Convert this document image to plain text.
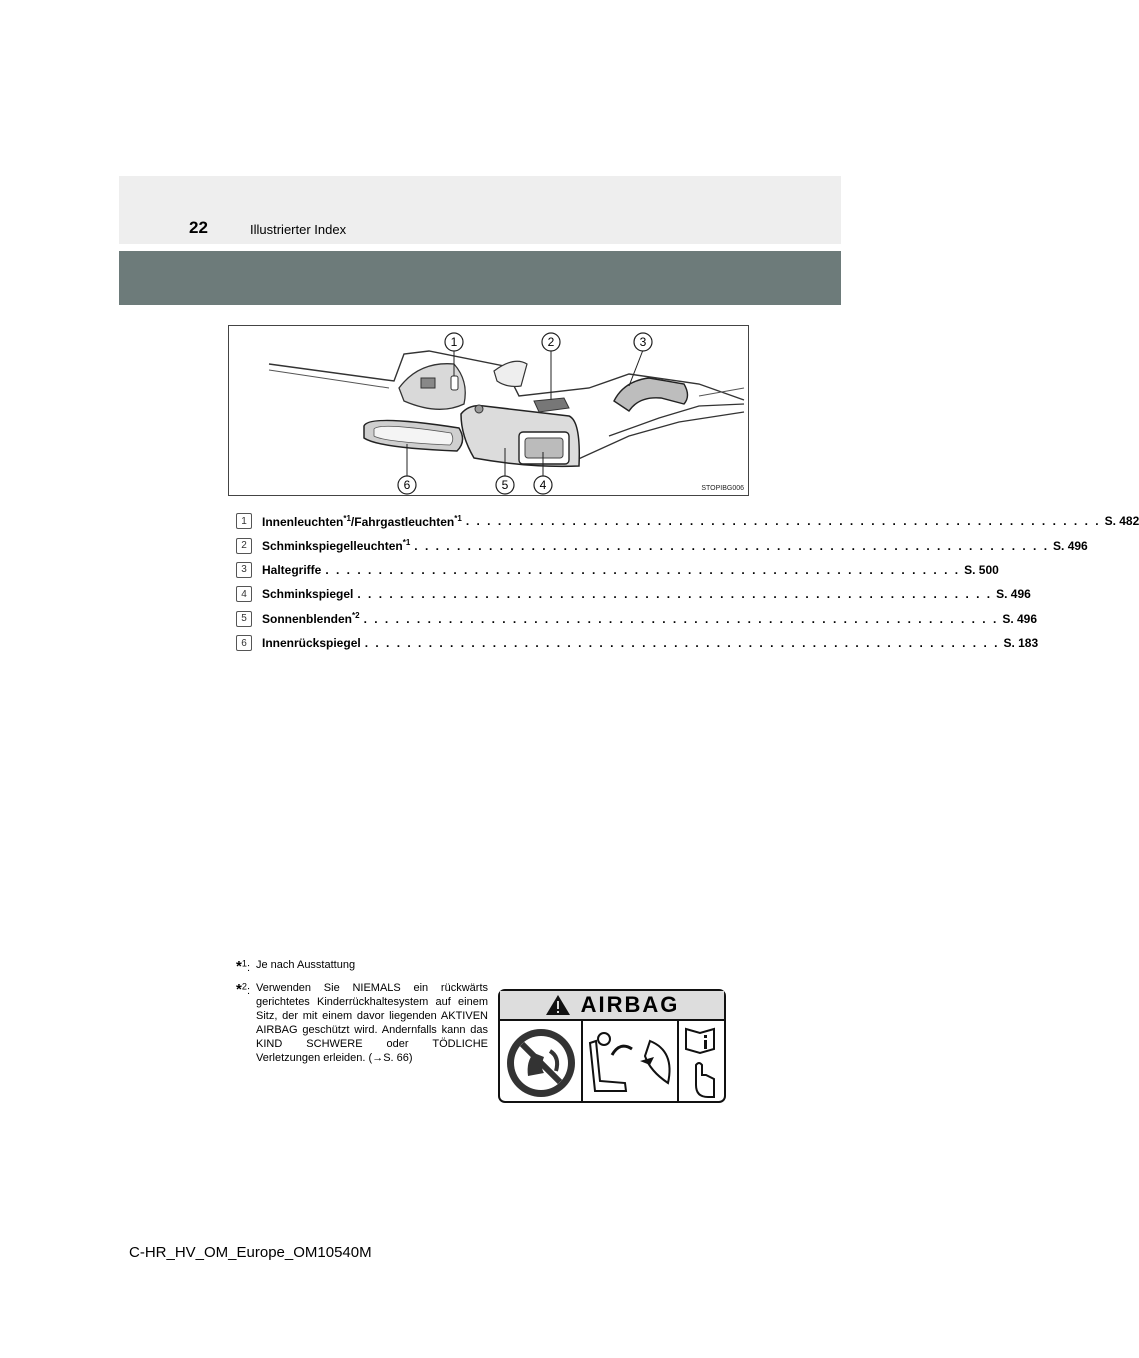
22	Illustrierter Index
1	2	3
4
5
6	STOPIBG006
1	Innenleuchten$^{*1}$/Fahrgastleuchten$^{*1}$ . . . . . . . . . . . . . . . . . . . . . . . . . . . . . . . . . . . . . . . . . . . . . . . . . . . . . . . . . . . . S. 482
2	Schminkspiegelleuchten$^{*1}$ . . . . . . . . . . . . . . . . . . . . . . . . . . . . . . . . . . . . . . . . . . . . . . . . . . . . . . . . . . . . S. 496
3	Haltegriffe . . . . . . . . . . . . . . . . . . . . . . . . . . . . . . . . . . . . . . . . . . . . . . . . . . . . . . . . . . . . S. 500
4	Schminkspiegel . . . . . . . . . . . . . . . . . . . . . . . . . . . . . . . . . . . . . . . . . . . . . . . . . . . . . . . . . . . . S. 496
5	Sonnenblenden$^{*2}$ . . . . . . . . . . . . . . . . . . . . . . . . . . . . . . . . . . . . . . . . . . . . . . . . . . . . . . . . . . . . S. 496
6	Innenrückspiegel . . . . . . . . . . . . . . . . . . . . . . . . . . . . . . . . . . . . . . . . . . . . . . . . . . . . . . . . . . . . S. 183
*$^1$: Je nach Ausstattung
*$^2$: Verwenden Sie NIEMALS ein rückwärts gerichtetes Kinderrückhaltesystem auf einem Sitz, der mit einem davor liegenden AKTIVEN AIRBAG geschützt wird. Andernfalls kann das KIND SCHWERE oder TÖDLICHE Verletzungen erleiden. (→S. 66)
AIRBAG
C-HR_HV_OM_Europe_OM10540M
